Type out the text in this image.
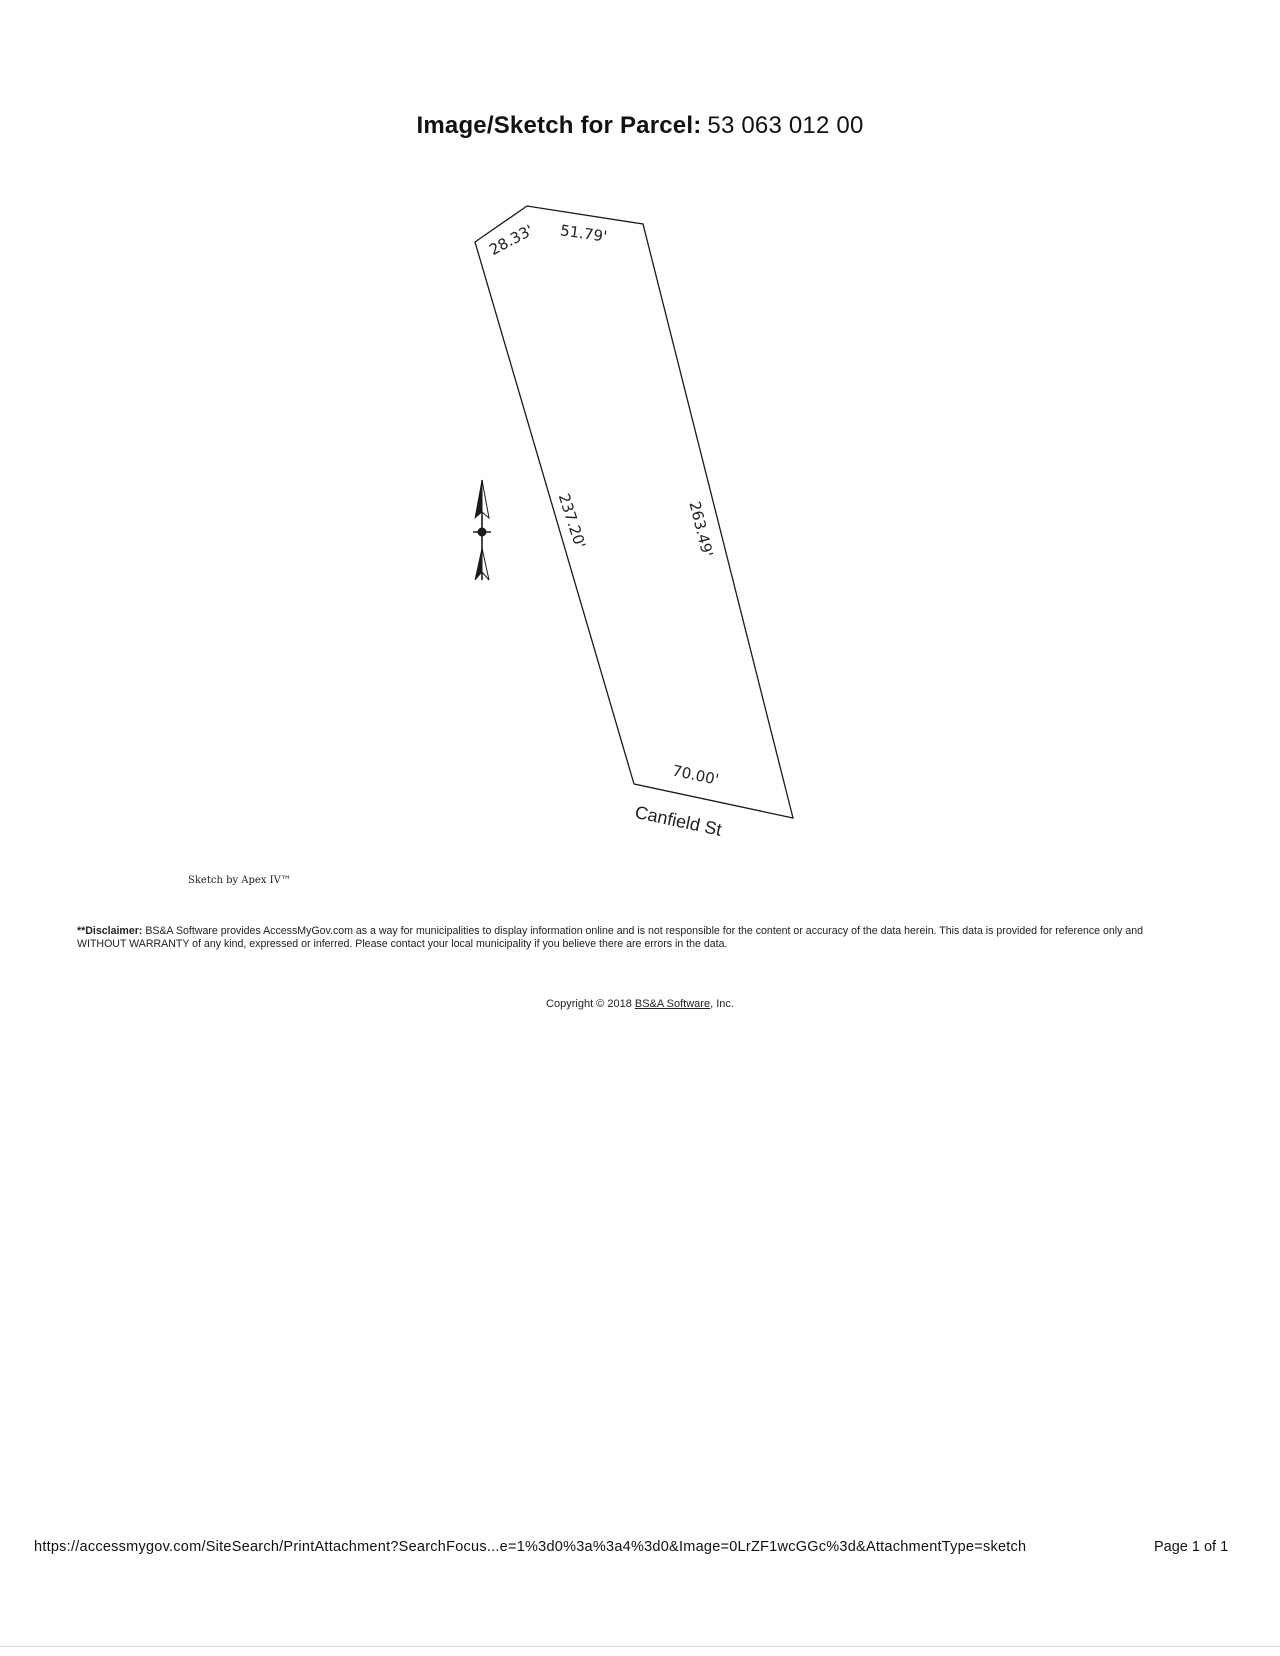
Image/Sketch for Parcel: 53 063 012 00
28.33' 51.79'
237.20'	263.49'
70.00'
Canfield St
Sketch by Apex IV™
**Disclaimer: BS&A Software provides AccessMyGov.com as a way for municipalities to display information online and is not responsible for the content or accuracy of the data herein. This data is provided for reference only and WITHOUT WARRANTY of any kind, expressed or inferred. Please contact your local municipality if you believe there are errors in the data.
Copyright © 2018 BS&A Software, Inc.
https://accessmygov.com/SiteSearch/PrintAttachment?SearchFocus...e=1%3d0%3a%3a4%3d0&Image=0LrZF1wcGGc%3d&AttachmentType=sketch	Page 1 of 1
